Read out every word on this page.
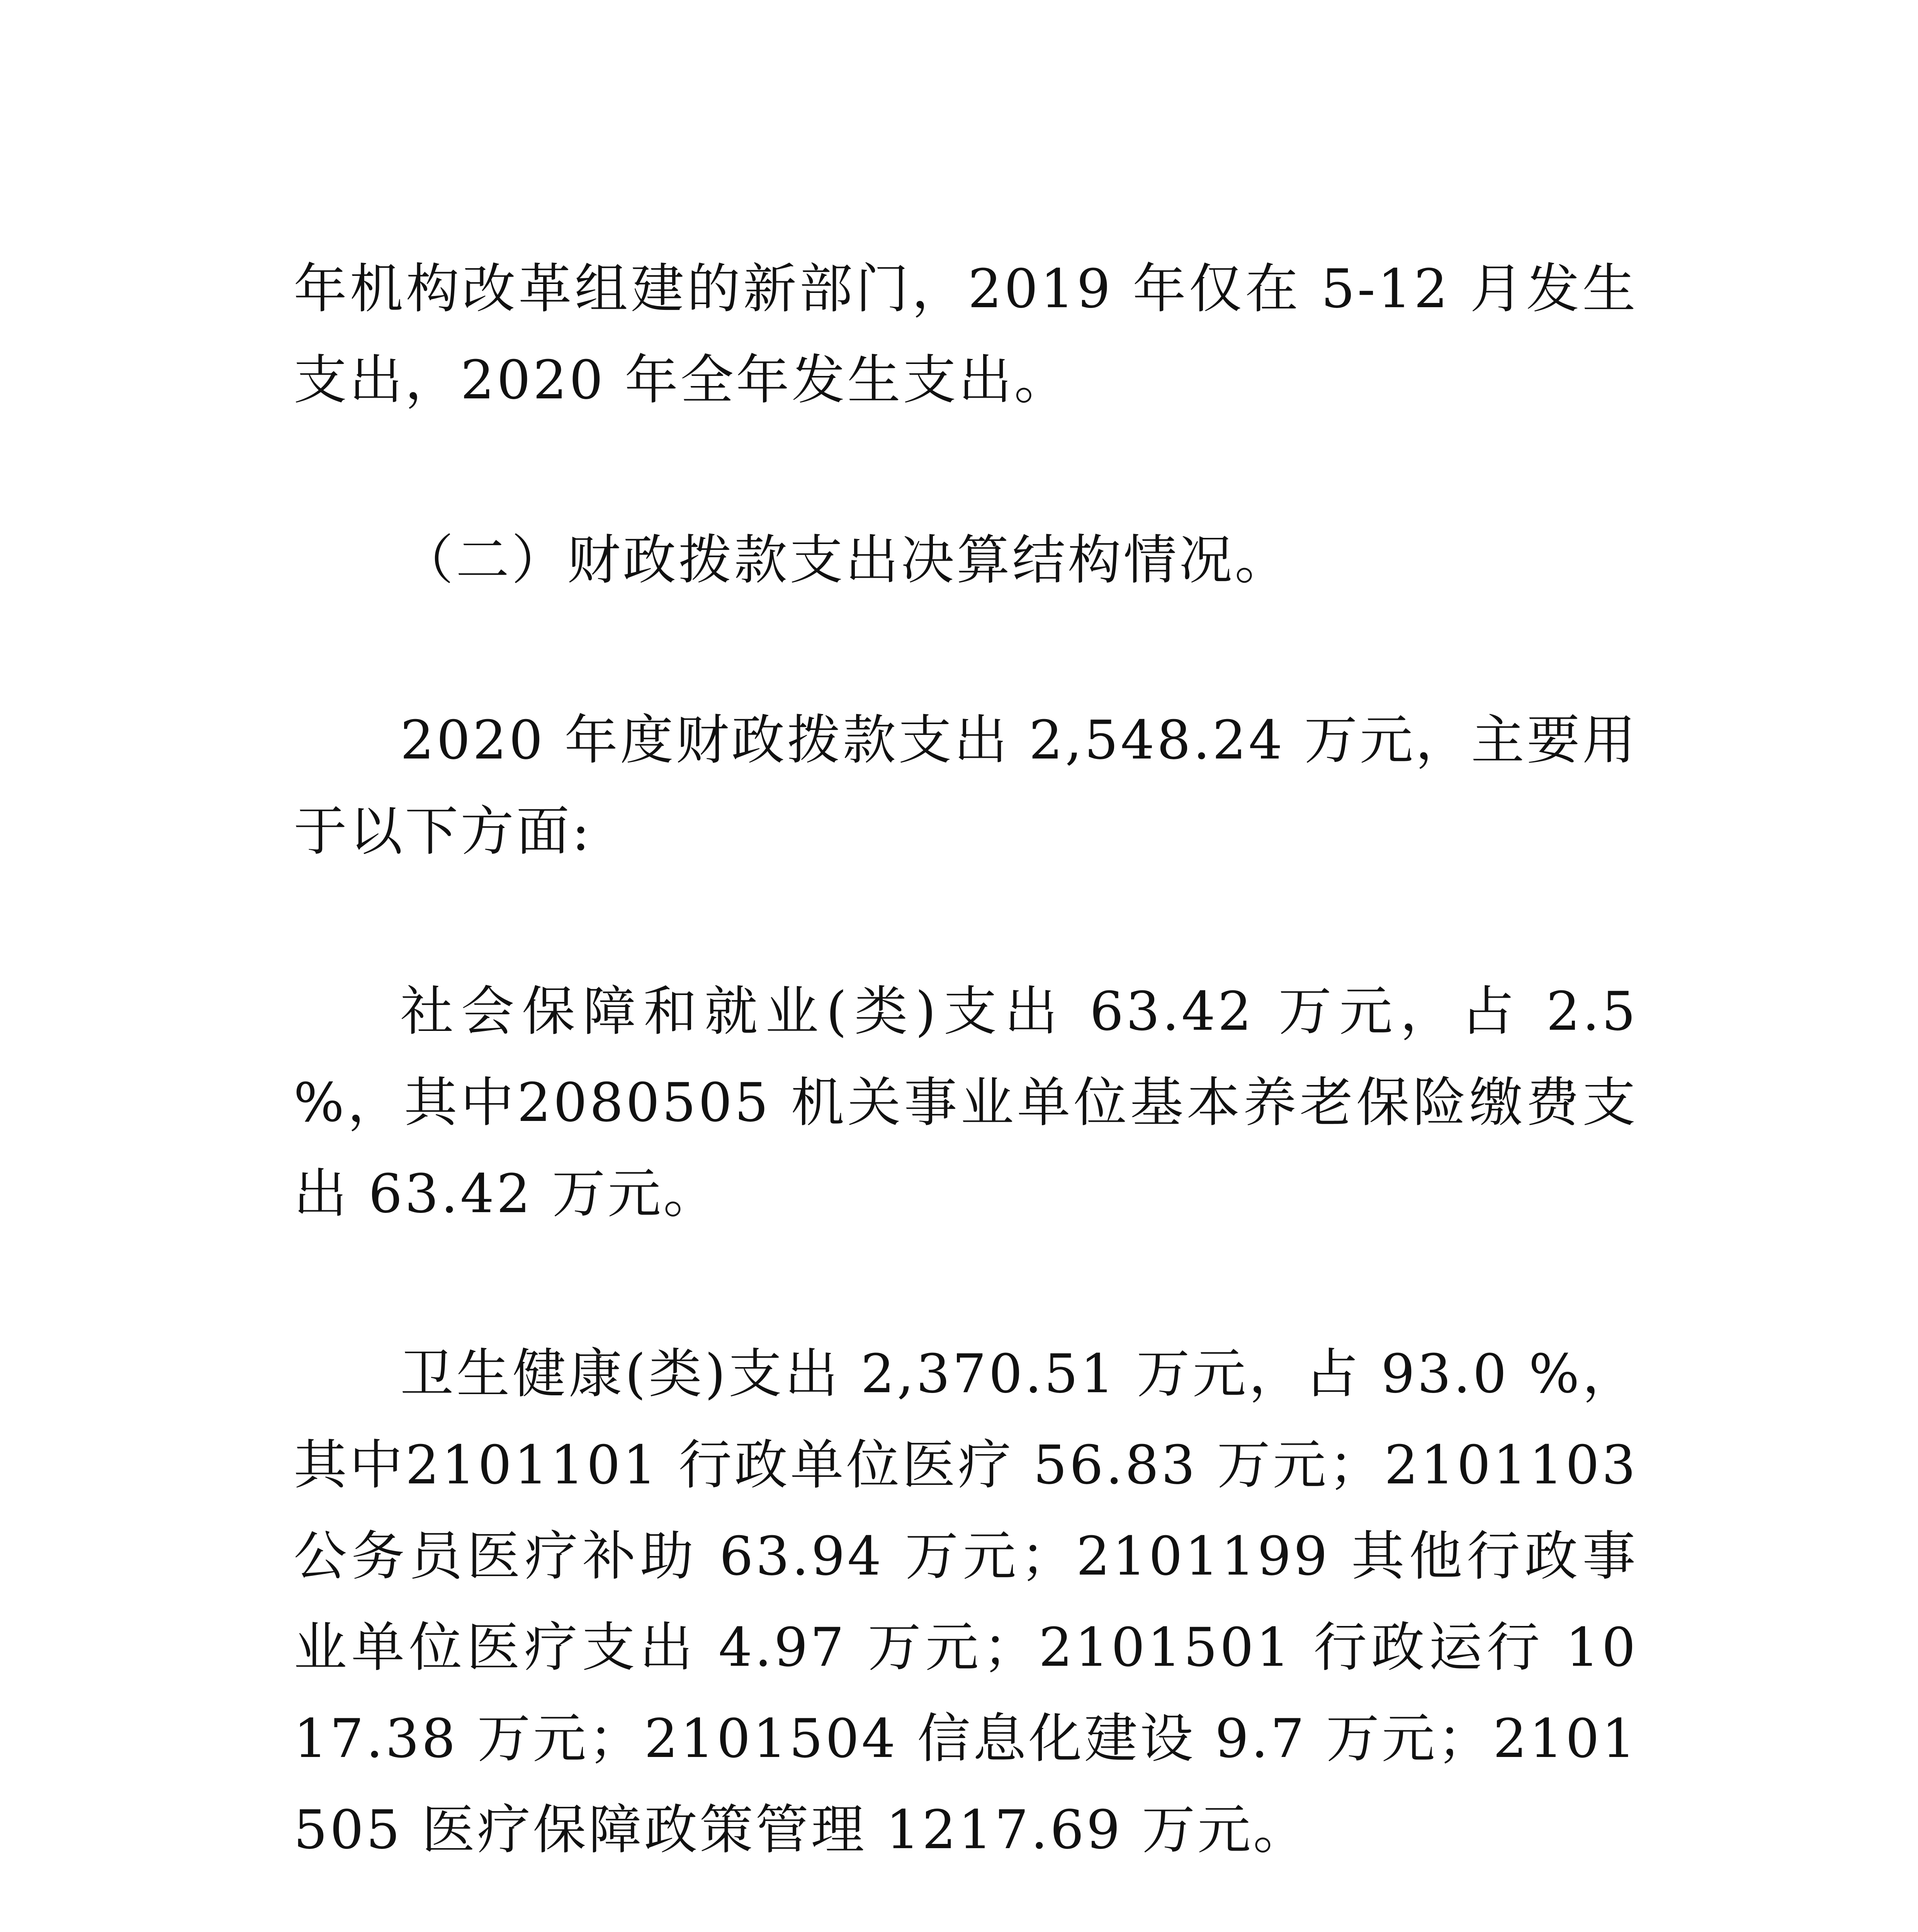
年机构改革组建的新部门，2019 年仅在 5-12 月发生支出，2020 年全年发生支出。

（二）财政拨款支出决算结构情况。

2020 年度财政拨款支出 2,548.24 万元，主要用于以下方面:

社会保障和就业(类)支出 63.42 万元，占 2.5 %，其中2080505 机关事业单位基本养老保险缴费支出 63.42 万元。

卫生健康(类)支出 2,370.51 万元，占 93.0 %，其中2101101 行政单位医疗 56.83 万元；2101103 公务员医疗补助 63.94 万元；2101199 其他行政事业单位医疗支出 4.97 万元；2101501 行政运行 1017.38 万元；2101504 信息化建设 9.7 万元；2101505 医疗保障政策管理 1217.69 万元。
